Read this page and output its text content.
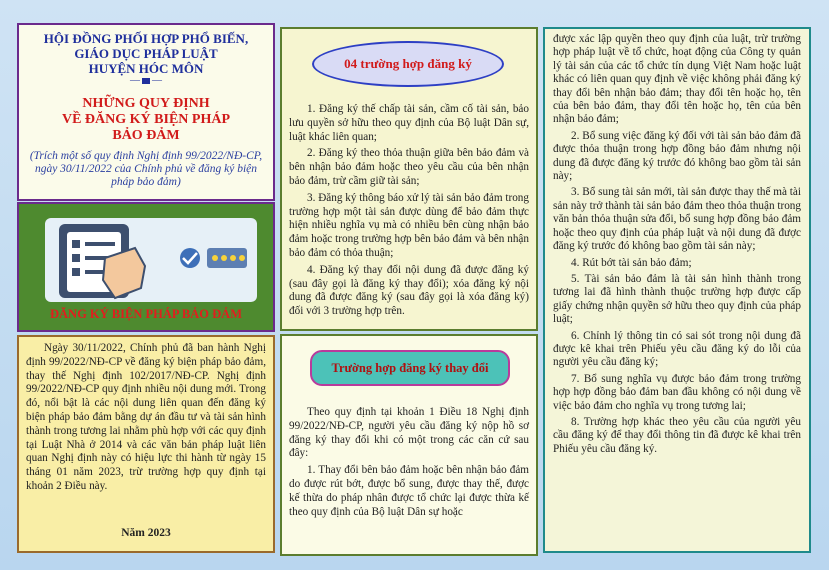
HỘI ĐỒNG PHỐI HỢP PHỔ BIẾN,
GIÁO DỤC PHÁP LUẬT
HUYỆN HÓC MÔN
— —
NHỮNG QUY ĐỊNH
VỀ ĐĂNG KÝ BIỆN PHÁP
BẢO ĐẢM
(Trích một số quy định Nghị định 99/2022/NĐ-CP, ngày 30/11/2022 của Chính phủ về đăng ký biện pháp bảo đảm)
ĐĂNG KÝ BIỆN PHÁP BẢO ĐẢM
Ngày 30/11/2022, Chính phủ đã ban hành Nghị định 99/2022/NĐ-CP về đăng ký biện pháp bảo đảm, thay thế Nghị định 102/2017/NĐ-CP. Nghị định 99/2022/NĐ-CP quy định nhiều nội dung mới. Trong đó, nổi bật là các nội dung liên quan đến đăng ký biện pháp bảo đảm bằng dự án đầu tư và tài sản hình thành trong tương lai nhằm phù hợp với các quy định tại Luật Nhà ở 2014 và các văn bản pháp luật liên quan Nghị định này có hiệu lực thi hành từ ngày 15 tháng 01 năm 2023, trừ trường hợp quy định tại khoản 2 Điều này.
Năm 2023
04 trường hợp đăng ký

1. Đăng ký thế chấp tài sản, cầm cố tài sản, bảo lưu quyền sở hữu theo quy định của Bộ luật Dân sự, luật khác liên quan;

2. Đăng ký theo thỏa thuận giữa bên bảo đảm và bên nhận bảo đảm hoặc theo yêu cầu của bên nhận bảo đảm, trừ cầm giữ tài sản;

3. Đăng ký thông báo xử lý tài sản bảo đảm trong trường hợp một tài sản được dùng để bảo đảm thực hiện nhiều nghĩa vụ mà có nhiều bên cùng nhận bảo đảm hoặc trong trường hợp bên bảo đảm và bên nhận bảo đảm có thỏa thuận;

4. Đăng ký thay đổi nội dung đã được đăng ký (sau đây gọi là đăng ký thay đổi); xóa đăng ký nội dung đã được đăng ký (sau đây gọi là xóa đăng ký) đối với 3 trường hợp trên.

Trường hợp đăng ký thay đổi

Theo quy định tại khoản 1 Điều 18 Nghị định 99/2022/NĐ-CP, người yêu cầu đăng ký nộp hồ sơ đăng ký thay đổi khi có một trong các căn cứ sau đây:

1. Thay đổi bên bảo đảm hoặc bên nhận bảo đảm do được rút bớt, được bổ sung, được thay thế, được kế thừa do pháp nhân được tổ chức lại được thừa kế theo quy định của Bộ luật Dân sự hoặc

được xác lập quyền theo quy định của luật, trừ trường hợp pháp luật về tổ chức, hoạt động của Công ty quản lý tài sản của các tổ chức tín dụng Việt Nam hoặc luật khác có liên quan quy định về việc không phải đăng ký thay đổi bên nhận bảo đảm; thay đổi tên hoặc họ, tên của bên bảo đảm, thay đổi tên hoặc họ, tên của bên nhận bảo đảm;

2. Bổ sung việc đăng ký đối với tài sản bảo đảm đã được thỏa thuận trong hợp đồng bảo đảm nhưng nội dung đã được đăng ký trước đó không bao gồm tài sản này;

3. Bổ sung tài sản mới, tài sản được thay thế mà tài sản này trở thành tài sản bảo đảm theo thỏa thuận trong văn bản thỏa thuận sửa đổi, bổ sung hợp đồng bảo đảm hoặc theo quy định của pháp luật và nội dung đã được đăng ký trước đó không bao gồm tài sản này;

4. Rút bớt tài sản bảo đảm;

5. Tài sản bảo đảm là tài sản hình thành trong tương lai đã hình thành thuộc trường hợp được cấp giấy chứng nhận quyền sở hữu theo quy định của pháp luật;

6. Chỉnh lý thông tin có sai sót trong nội dung đã được kê khai trên Phiếu yêu cầu đăng ký do lỗi của người yêu cầu đăng ký;

7. Bổ sung nghĩa vụ được bảo đảm trong trường hợp hợp đồng bảo đảm ban đầu không có nội dung về việc bảo đảm cho nghĩa vụ trong tương lai;

8. Trường hợp khác theo yêu cầu của người yêu cầu đăng ký để thay đổi thông tin đã được kê khai trên Phiếu yêu cầu đăng ký.
